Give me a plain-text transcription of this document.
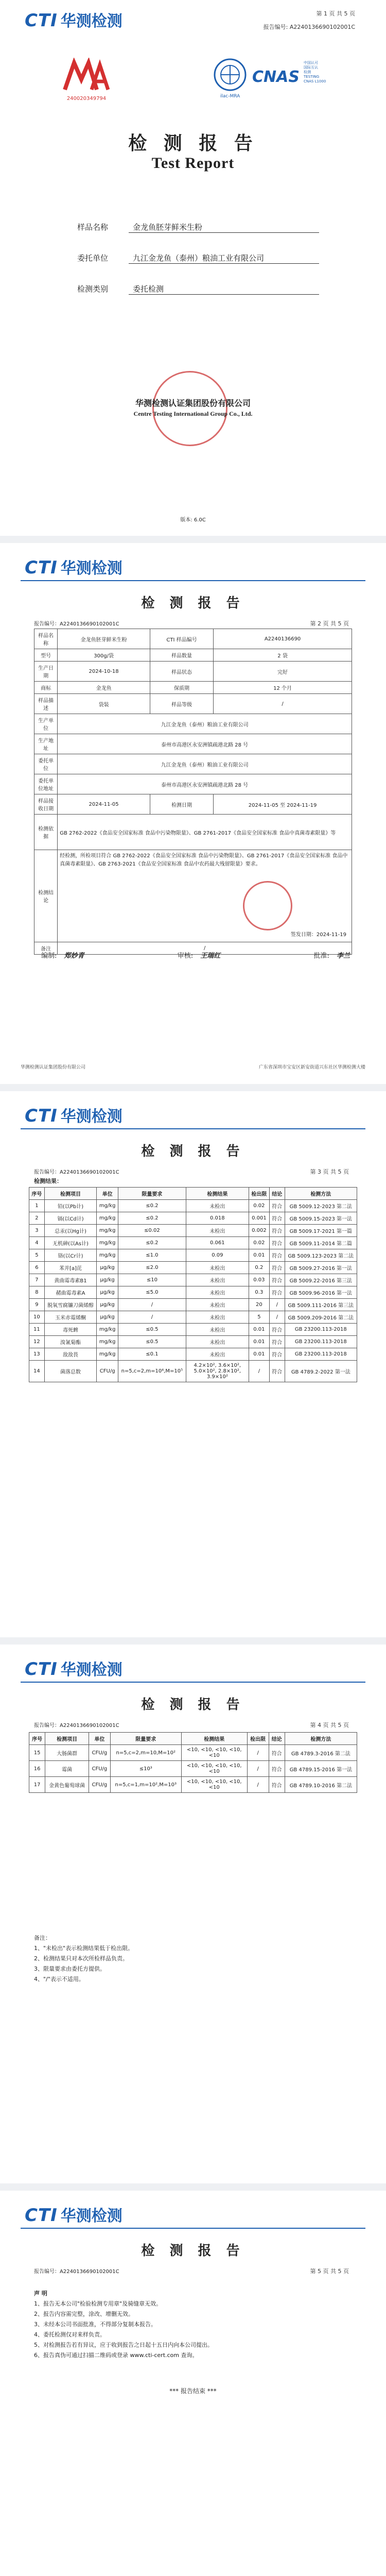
第 1 页 共 5 页
CTI 华测检测	报告编号: A2240136690102001C
240020349794	ilac-MRA
CNAS
中国认可
国际互认
检测
TESTING
CNAS L1000
检 测 报 告
Test Report
样品名称	金龙鱼胚芽鲜米生粉
委托单位	九江金龙鱼（泰州）粮油工业有限公司
检测类别	委托检测
华测检测认证集团股份有限公司
Centre Testing International Group Co., Ltd.
版本: 6.0C
CTI 华测检测
检 测 报 告
报告编号：A2240136690102001C	第 2 页 共 5 页
样品名称	金龙鱼胚芽鲜米生粉	CTI 样品编号	A2240136690
型号	300g/袋	样品数量	2 袋
生产日期	2024-10-18	样品状态	完好
商标	金龙鱼	保质期	12 个月
样品描述	袋装	样品等级	/
生产单位	九江金龙鱼（泰州）粮油工业有限公司		
生产地址	泰州市高港区永安洲镇疏港北路 28 号		
委托单位	九江金龙鱼（泰州）粮油工业有限公司		
委托单位地址	泰州市高港区永安洲镇疏港北路 28 号		
样品接收日期	2024-11-05	检测日期	2024-11-05 至 2024-11-19
检测依据	GB 2762-2022《食品安全国家标准 食品中污染物限量》、GB 2761-2017《食品安全国家标准 食品中真菌毒素限量》等		
检测结论	经检测，所检项目符合 GB 2762-2022《食品安全国家标准 食品中污染物限量》、GB 2761-2017《食品安全国家标准 食品中真菌毒素限量》、GB 2763-2021《食品安全国家标准 食品中农药最大残留限量》要求。
签发日期：2024-11-19		

备注	/		
编制: 郑妙青	审核: 王瑞红	批准: 李兰
华测检测认证集团股份有限公司	广东省深圳市宝安区新安街道兴东社区华测检测大楼
CTI 华测检测
检 测 报 告
报告编号：A2240136690102001C	第 3 页 共 5 页
检测结果：
序号	检测项目	单位	限量要求	检测结果	检出限	结论	检测方法
1	铅(以Pb计)	mg/kg	≤0.2	未检出	0.02	符合	GB 5009.12-2023 第二法
2	镉(以Cd计)	mg/kg	≤0.2	0.018	0.001	符合	GB 5009.15-2023 第一法
3	总汞(以Hg计)	mg/kg	≤0.02	未检出	0.002	符合	GB 5009.17-2021 第一篇
4	无机砷(以As计)	mg/kg	≤0.2	0.061	0.02	符合	GB 5009.11-2014 第二篇
5	铬(以Cr计)	mg/kg	≤1.0	0.09	0.01	符合	GB 5009.123-2023 第二法
6	苯并[a]芘	μg/kg	≤2.0	未检出	0.2	符合	GB 5009.27-2016 第一法
7	黄曲霉毒素B1	μg/kg	≤10	未检出	0.03	符合	GB 5009.22-2016 第三法
8	赭曲霉毒素A	μg/kg	≤5.0	未检出	0.3	符合	GB 5009.96-2016 第一法
9	脱氧雪腐镰刀菌烯醇	μg/kg	/	未检出	20	/	GB 5009.111-2016 第三法
10	玉米赤霉烯酮	μg/kg	/	未检出	5	/	GB 5009.209-2016 第二法
11	毒死蜱	mg/kg	≤0.5	未检出	0.01	符合	GB 23200.113-2018
12	溴氰菊酯	mg/kg	≤0.5	未检出	0.01	符合	GB 23200.113-2018
13	敌敌畏	mg/kg	≤0.1	未检出	0.01	符合	GB 23200.113-2018
14	菌落总数	CFU/g	n=5,c=2,m=10⁴,M=10⁵	4.2×10², 3.6×10², 5.0×10², 2.8×10², 3.9×10²	/	符合	GB 4789.2-2022 第一法
CTI 华测检测
检 测 报 告
报告编号：A2240136690102001C	第 4 页 共 5 页
序号	检测项目	单位	限量要求	检测结果	检出限	结论	检测方法
15	大肠菌群	CFU/g	n=5,c=2,m=10,M=10²	<10, <10, <10, <10, <10	/	符合	GB 4789.3-2016 第二法
16	霉菌	CFU/g	≤10³	<10, <10, <10, <10, <10	/	符合	GB 4789.15-2016 第一法
17	金黄色葡萄球菌	CFU/g	n=5,c=1,m=10²,M=10³	<10, <10, <10, <10, <10	/	符合	GB 4789.10-2016 第二法
备注：
1、"未检出"表示检测结果低于检出限。
2、检测结果只对本次所检样品负责。
3、限量要求由委托方提供。
4、"/"表示不适用。
CTI 华测检测
检 测 报 告
报告编号：A2240136690102001C	第 5 页 共 5 页
声 明
1、报告无本公司"检验检测专用章"及骑缝章无效。
2、报告内容需完整，涂改、增删无效。
3、未经本公司书面批准，不得部分复制本报告。
4、委托检测仅对来样负责。
5、对检测报告若有异议，应于收到报告之日起十五日内向本公司提出。
6、报告真伪可通过扫描二维码或登录 www.cti-cert.com 查询。
*** 报告结束 ***
